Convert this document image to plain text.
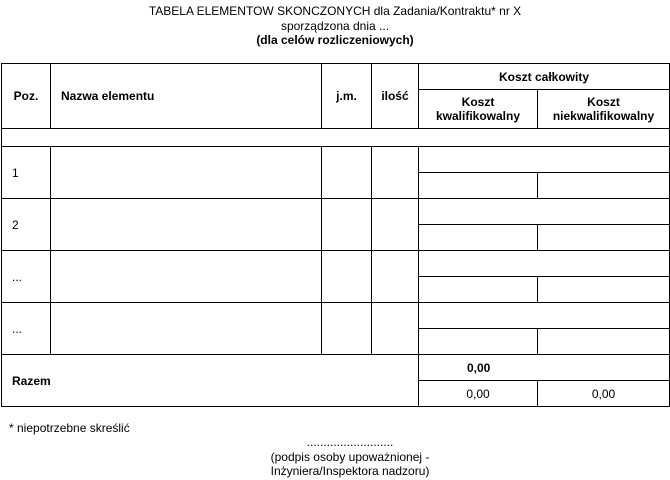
TABELA ELEMENTOW SKONCZONYCH dla Zadania/Kontraktu* nr X
sporządzona dnia ...
(dla celów rozliczeniowych)
Poz.	Nazwa elementu	j.m.	ilość	Koszt całkowity	
				Koszt kwalifikowalny	Koszt niekwalifikowalny

1					

2					

...					

...					

Razem				0,00	
				0,00	0,00
* niepotrzebne skreślić
..........................
(podpis osoby upoważnionej -
Inżyniera/Inspektora nadzoru)
